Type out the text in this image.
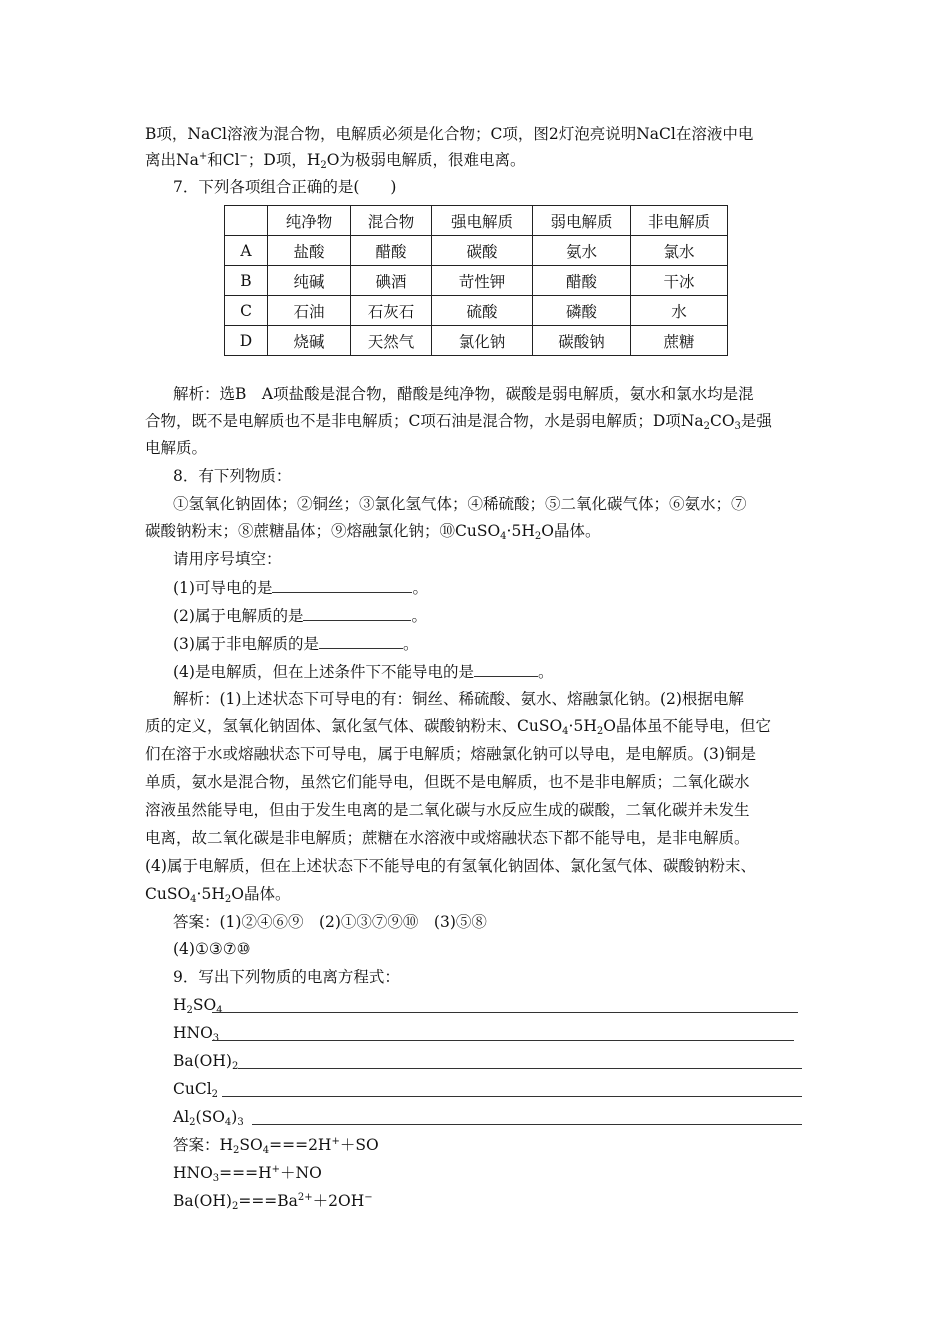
B项，NaCl溶液为混合物，电解质必须是化合物；C项，图2灯泡亮说明NaCl在溶液中电
离出Na+和Cl−；D项，H2O为极弱电解质，很难电离。
7．下列各项组合正确的是(　　)
	纯净物	混合物	强电解质	弱电解质	非电解质
A	盐酸	醋酸	碳酸	氨水	氯水
B	纯碱	碘酒	苛性钾	醋酸	干冰
C	石油	石灰石	硫酸	磷酸	水
D	烧碱	天然气	氯化钠	碳酸钠	蔗糖
解析：选B　A项盐酸是混合物，醋酸是纯净物，碳酸是弱电解质，氨水和氯水均是混
合物，既不是电解质也不是非电解质；C项石油是混合物，水是弱电解质；D项Na2CO3是强
电解质。
8．有下列物质：
①氢氧化钠固体；②铜丝；③氯化氢气体；④稀硫酸；⑤二氧化碳气体；⑥氨水；⑦
碳酸钠粉末；⑧蔗糖晶体；⑨熔融氯化钠；⑩CuSO4·5H2O晶体。
请用序号填空：
(1)可导电的是	。
(2)属于电解质的是	。
(3)属于非电解质的是	。
(4)是电解质，但在上述条件下不能导电的是	。
解析：(1)上述状态下可导电的有：铜丝、稀硫酸、氨水、熔融氯化钠。(2)根据电解
质的定义，氢氧化钠固体、氯化氢气体、碳酸钠粉末、CuSO4·5H2O晶体虽不能导电，但它
们在溶于水或熔融状态下可导电，属于电解质；熔融氯化钠可以导电，是电解质。(3)铜是
单质，氨水是混合物，虽然它们能导电，但既不是电解质，也不是非电解质；二氧化碳水
溶液虽然能导电，但由于发生电离的是二氧化碳与水反应生成的碳酸，二氧化碳并未发生
电离，故二氧化碳是非电解质；蔗糖在水溶液中或熔融状态下都不能导电，是非电解质。
(4)属于电解质，但在上述状态下不能导电的有氢氧化钠固体、氯化氢气体、碳酸钠粉末、
CuSO4·5H2O晶体。
答案：(1)②④⑥⑨　(2)①③⑦⑨⑩　(3)⑤⑧
(4)①③⑦⑩
9．写出下列物质的电离方程式：
H2SO4
HNO3
Ba(OH)2
CuCl2
Al2(SO4)3
答案：H2SO4===2H+＋SO
HNO3===H+＋NO
$Ba(OH)2===Ba^{2+}+2OH^-$
